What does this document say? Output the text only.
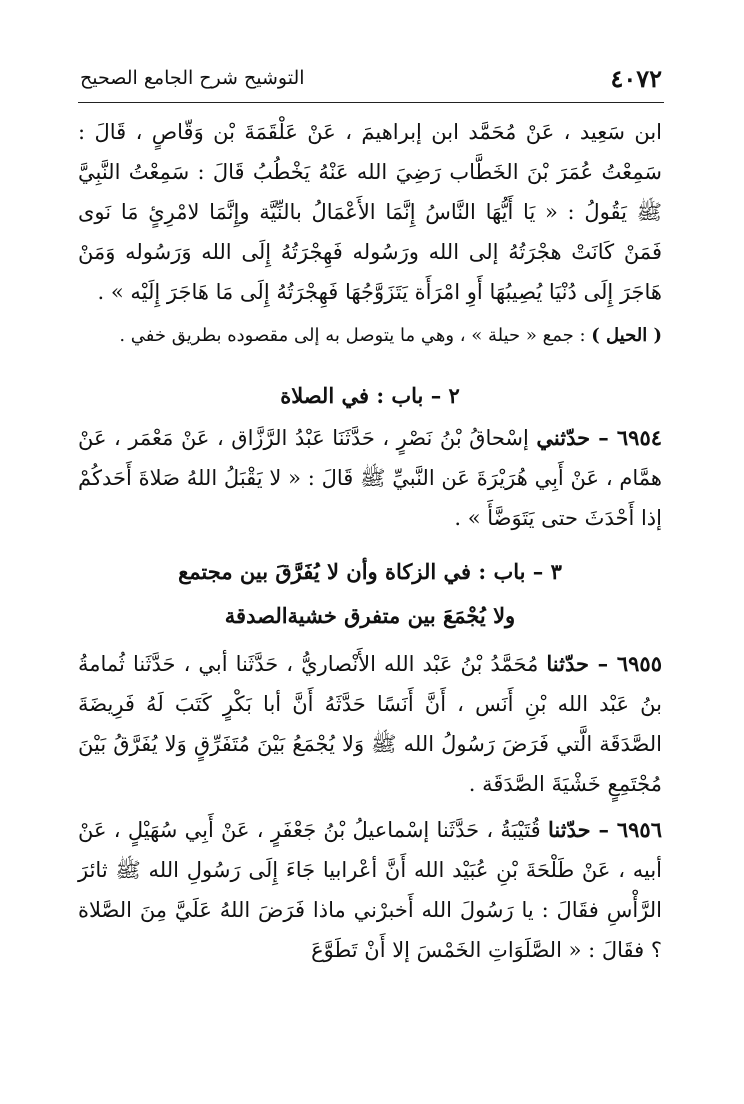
٤٠٧٢
التوشيح شرح الجامع الصحيح

ابن سَعِيد ، عَنْ مُحَمَّد ابن إبراهيمَ ، عَنْ عَلْقَمَةَ بْن وَقّاصٍ ، قَالَ : سَمِعْتُ عُمَرَ بْنَ الخَطَّاب رَضِيَ الله عَنْهُ يَخْطُبُ قَالَ : سَمِعْتُ النَّبِيَّ ﷺ يَقُولُ : « يَا أَيُّهَا النَّاسُ إِنَّمَا الأَعْمَالُ بالنِّيَّة وإِنَّمَا لامْرِئٍ مَا نَوى فَمَنْ كَانَتْ هجْرَتُهُ إلى الله ورَسُوله فَهِجْرَتُهُ إِلَى الله وَرَسُوله وَمَنْ هَاجَرَ إِلَى دُنْيَا يُصِيبُهَا أَوِ امْرَأَة يَتَزَوَّجُهَا فَهِجْرَتُهُ إِلَى مَا هَاجَرَ إِلَيْه » .

( الحيل ) : جمع « حيلة » ، وهي ما يتوصل به إلى مقصوده بطريق خفي .

٢ – باب : في الصلاة

٦٩٥٤ – حدّثني إسْحاقُ بْنُ نَصْرٍ ، حَدَّثَنَا عَبْدُ الرَّزَّاق ، عَنْ مَعْمَر ، عَنْ همَّام ، عَنْ أَبِي هُرَيْرَةَ عَن النَّبيِّ ﷺ قَالَ : « لا يَقْبَلُ اللهُ صَلاةَ أَحَدكُمْ إذا أَحْدَثَ حتى يَتَوَضَّأَ » .

٣ – باب : في الزكاة وأن لا يُفَرَّقَ بين مجتمع

ولا يُجْمَعَ بين متفرق خشيةالصدقة

٦٩٥٥ – حدّثنا مُحَمَّدُ بْنُ عَبْد الله الأَنْصاريُّ ، حَدَّثَنا أبي ، حَدَّثَنا ثُمامةُ بنُ عَبْد الله بْنِ أَنَس ، أَنَّ أَنَسًا حَدَّثَهُ أَنَّ أبا بَكْرٍ كَتَبَ لَهُ فَرِيضَةَ الصَّدَقَة الَّتي فَرَضَ رَسُولُ الله ﷺ وَلا يُجْمَعُ بَيْنَ مُتَفَرِّقٍ وَلا يُفَرَّقُ بَيْنَ مُجْتَمِعٍ خَشْيَةَ الصَّدَقَة .

٦٩٥٦ – حدّثنا قُتَيْبَةُ ، حَدَّثَنا إسْماعيلُ بْنُ جَعْفَرٍ ، عَنْ أَبِي سُهَيْلٍ ، عَنْ أبيه ، عَنْ طَلْحَةَ بْنِ عُبَيْد الله أَنَّ أعْرابيا جَاءَ إِلَى رَسُولِ الله ﷺ ثائرَ الرَّأْسِ فقَالَ : يا رَسُولَ الله أَخبرْني ماذا فَرَضَ اللهُ عَلَيَّ مِنَ الصَّلاة ؟ فقَالَ : « الصَّلَوَاتِ الخَمْسَ إلا أَنْ تَطَوَّعَ
